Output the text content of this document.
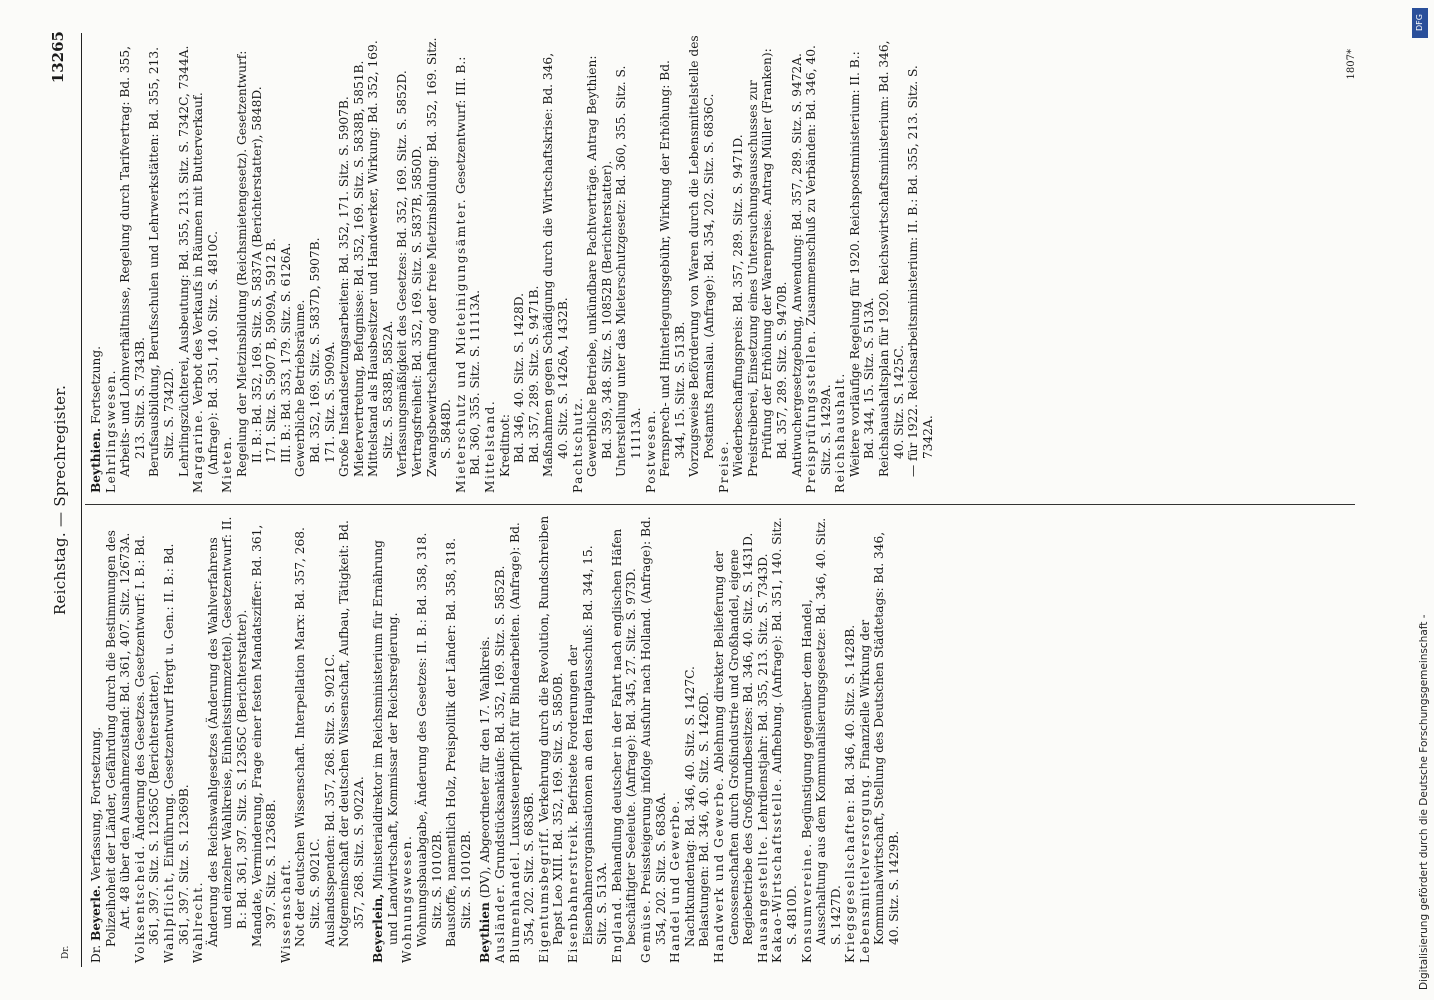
Dr.
Reichstag. — Sprechregister.
13265

Dr. Beyerle. Verfassung, Fortsetzung. Polizeihoheit der Länder, Gefährdung durch die Bestimmungen des Art. 48 über den Ausnahmezustand: Bd. 361, 407. Sitz. 12673A. Volksentscheid. Änderung des Gesetzes. Gesetzentwurf: I. B.: Bd. 361, 397. Sitz. S. 12365C (Berichterstatter). Wahlpflicht, Einführung. Gesetzentwurf Hergt u. Gen.: II. B.: Bd. 361, 397. Sitz. S. 12369B. Wahlrecht. Änderung des Reichswahlgesetzes (Änderung des Wahlverfahrens und einzelner Wahlkreise, Einheitsstimmzettel). Gesetzentwurf: II. B.: Bd. 361, 397. Sitz. S. 12365C (Berichterstatter). Mandate, Verminderung, Frage einer festen Mandatsziffer: Bd. 361, 397. Sitz. S. 12368B. Wissenschaft. Not der deutschen Wissenschaft. Interpellation Marx: Bd. 357, 268. Sitz. S. 9021C. Auslandsspenden: Bd. 357, 268. Sitz. S. 9021C. Notgemeinschaft der deutschen Wissenschaft, Aufbau, Tätigkeit: Bd. 357, 268. Sitz. S. 9022A. Beyerlein, Ministerialdirektor im Reichsministerium für Ernährung und Landwirtschaft, Kommissar der Reichsregierung. Wohnungswesen. Wohnungsbauabgabe, Änderung des Gesetzes: II. B.: Bd. 358, 318. Sitz. S. 10102B. Baustoffe, namentlich Holz, Preispolitik der Länder: Bd. 358, 318. Sitz. S. 10102B.

Beythien (DV), Abgeordneter für den 17. Wahlkreis.

Ausländer. Grundstücksankäufe: Bd. 352, 169. Sitz. S. 5852B.

Blumenhandel. Luxussteuerpflicht für Bindearbeiten. (Anfrage): Bd. 354, 202. Sitz. S. 6836B. Eigentumsbegriff. Verkehrung durch die Revolution, Rundschreiben Papst Leo XIII. Bd. 352, 169. Sitz. S. 5850B. Eisenbahnerstreik. Befristete Forderungen der Eisenbahnerorganisationen an den Hauptausschuß: Bd. 344, 15. Sitz. S. 513A. England. Behandlung deutscher in der Fahrt nach englischen Häfen beschäftigter Seeleute. (Anfrage): Bd. 345, 27. Sitz. S. 973D. Gemüse. Preissteigerung infolge Ausfuhr nach Holland. (Anfrage): Bd. 354, 202. Sitz. S. 6836A. Handel und Gewerbe. Nachtkundentag: Bd. 346, 40. Sitz. S. 1427C. Belastungen: Bd. 346, 40. Sitz. S. 1426D. Handwerk und Gewerbe. Ablehnung direkter Belieferung der Genossenschaften durch Großindustrie und Großhandel, eigene Regiebetriebe des Großgrundbesitzes: Bd. 346, 40. Sitz. S. 1431D. Hausangestellte. Lehrdienstjahr: Bd. 355, 213. Sitz. S. 7343D.

Kakao-Wirtschaftsstelle. Aufhebung. (Anfrage): Bd. 351, 140. Sitz. S. 4810D. Konsumvereine. Begünstigung gegenüber dem Handel, Ausschaltung aus dem Kommunalisierungsgesetze: Bd. 346, 40. Sitz. S. 1427D. Kriegsgesellschaften: Bd. 346, 40. Sitz. S. 1428B.

Lebensmittelversorgung. Finanzielle Wirkung der Kommunalwirtschaft, Stellung des Deutschen Städtetags: Bd. 346, 40. Sitz. S. 1429B.

Beythien. Fortsetzung. Lehrlingswesen. Arbeits- und Lohnverhältnisse, Regelung durch Tarifvertrag: Bd. 355, 213. Sitz. S. 7343B. Berufsausbildung, Berufsschulen und Lehrwerkstätten: Bd. 355, 213. Sitz. S. 7342D. Lehrlingszüchterei, Ausbeutung: Bd. 355, 213. Sitz. S. 7342C, 7344A. Margarine. Verbot des Verkaufs in Räumen mit Butterverkauf. (Anfrage): Bd. 351, 140. Sitz. S. 4810C. Mieten. Regelung der Mietzinsbildung (Reichsmietengesetz). Gesetzentwurf: II. B.: Bd. 352, 169. Sitz. S. 5837A (Berichterstatter), 5848D. 171. Sitz. S. 5907 B, 5909A, 5912 B. III. B.: Bd. 353, 179. Sitz. S. 6126A. Gewerbliche Betriebsräume. Bd. 352, 169. Sitz. S. 5837D, 5907B. 171. Sitz. S. 5909A. Große Instandsetzungsarbeiten: Bd. 352, 171. Sitz. S. 5907B. Mietervertretung, Befugnisse: Bd. 352, 169. Sitz. S. 5838B, 5851B. Mittelstand als Hausbesitzer und Handwerker, Wirkung: Bd. 352, 169. Sitz. S. 5838B, 5852A. Verfassungsmäßigkeit des Gesetzes: Bd. 352, 169. Sitz. S. 5852D. Vertragsfreiheit: Bd. 352, 169. Sitz. S. 5837B, 5850D. Zwangsbewirtschaftung oder freie Mietzinsbildung: Bd. 352, 169. Sitz. S. 5848D. Mieterschutz und Mieteinigungsämter. Gesetzentwurf: III. B.: Bd. 360, 355. Sitz. S. 11113A. Mittelstand. Kreditnot: Bd. 346, 40. Sitz. S. 1428D. Bd. 357, 289. Sitz. S. 9471B. Maßnahmen gegen Schädigung durch die Wirtschaftskrise: Bd. 346, 40. Sitz. S. 1426A, 1432B. Pachtschutz. Gewerbliche Betriebe, unkündbare Pachtverträge. Antrag Beythien: Bd. 359, 348. Sitz. S. 10852B (Berichterstatter). Unterstellung unter das Mieterschutzgesetz: Bd. 360, 355. Sitz. S. 11113A. Postwesen. Fernsprech- und Hinterlegungsgebühr, Wirkung der Erhöhung: Bd. 344, 15. Sitz. S. 513B. Vorzugsweise Beförderung von Waren durch die Lebensmittelstelle des Postamts Ramslau. (Anfrage): Bd. 354, 202. Sitz. S. 6836C.

Preise. Wiederbeschaffungspreis: Bd. 357, 289. Sitz. S. 9471D. Preistreiberei, Einsetzung eines Untersuchungsausschusses zur Prüfung der Erhöhung der Warenpreise. Antrag Müller (Franken): Bd. 357, 289. Sitz. S. 9470B. Antiwuchergesetzgebung, Anwendung: Bd. 357, 289. Sitz. S. 9472A. Preisprüfungsstellen. Zusammenschluß zu Verbänden: Bd. 346, 40. Sitz. S. 1429A. Reichshaushalt. Weitere vorläufige Regelung für 1920. Reichspostministerium: II. B.: Bd. 344, 15. Sitz. S. 513A. Reichshaushaltsplan für 1920. Reichswirtschaftsministerium: Bd. 346, 40. Sitz. S. 1425C. — für 1922. Reichsarbeitsministerium: II. B.: Bd. 355, 213. Sitz. S. 7342A.

1807*
Digitalisierung gefördert durch die Deutsche Forschungsgemeinschaft -
DFG
